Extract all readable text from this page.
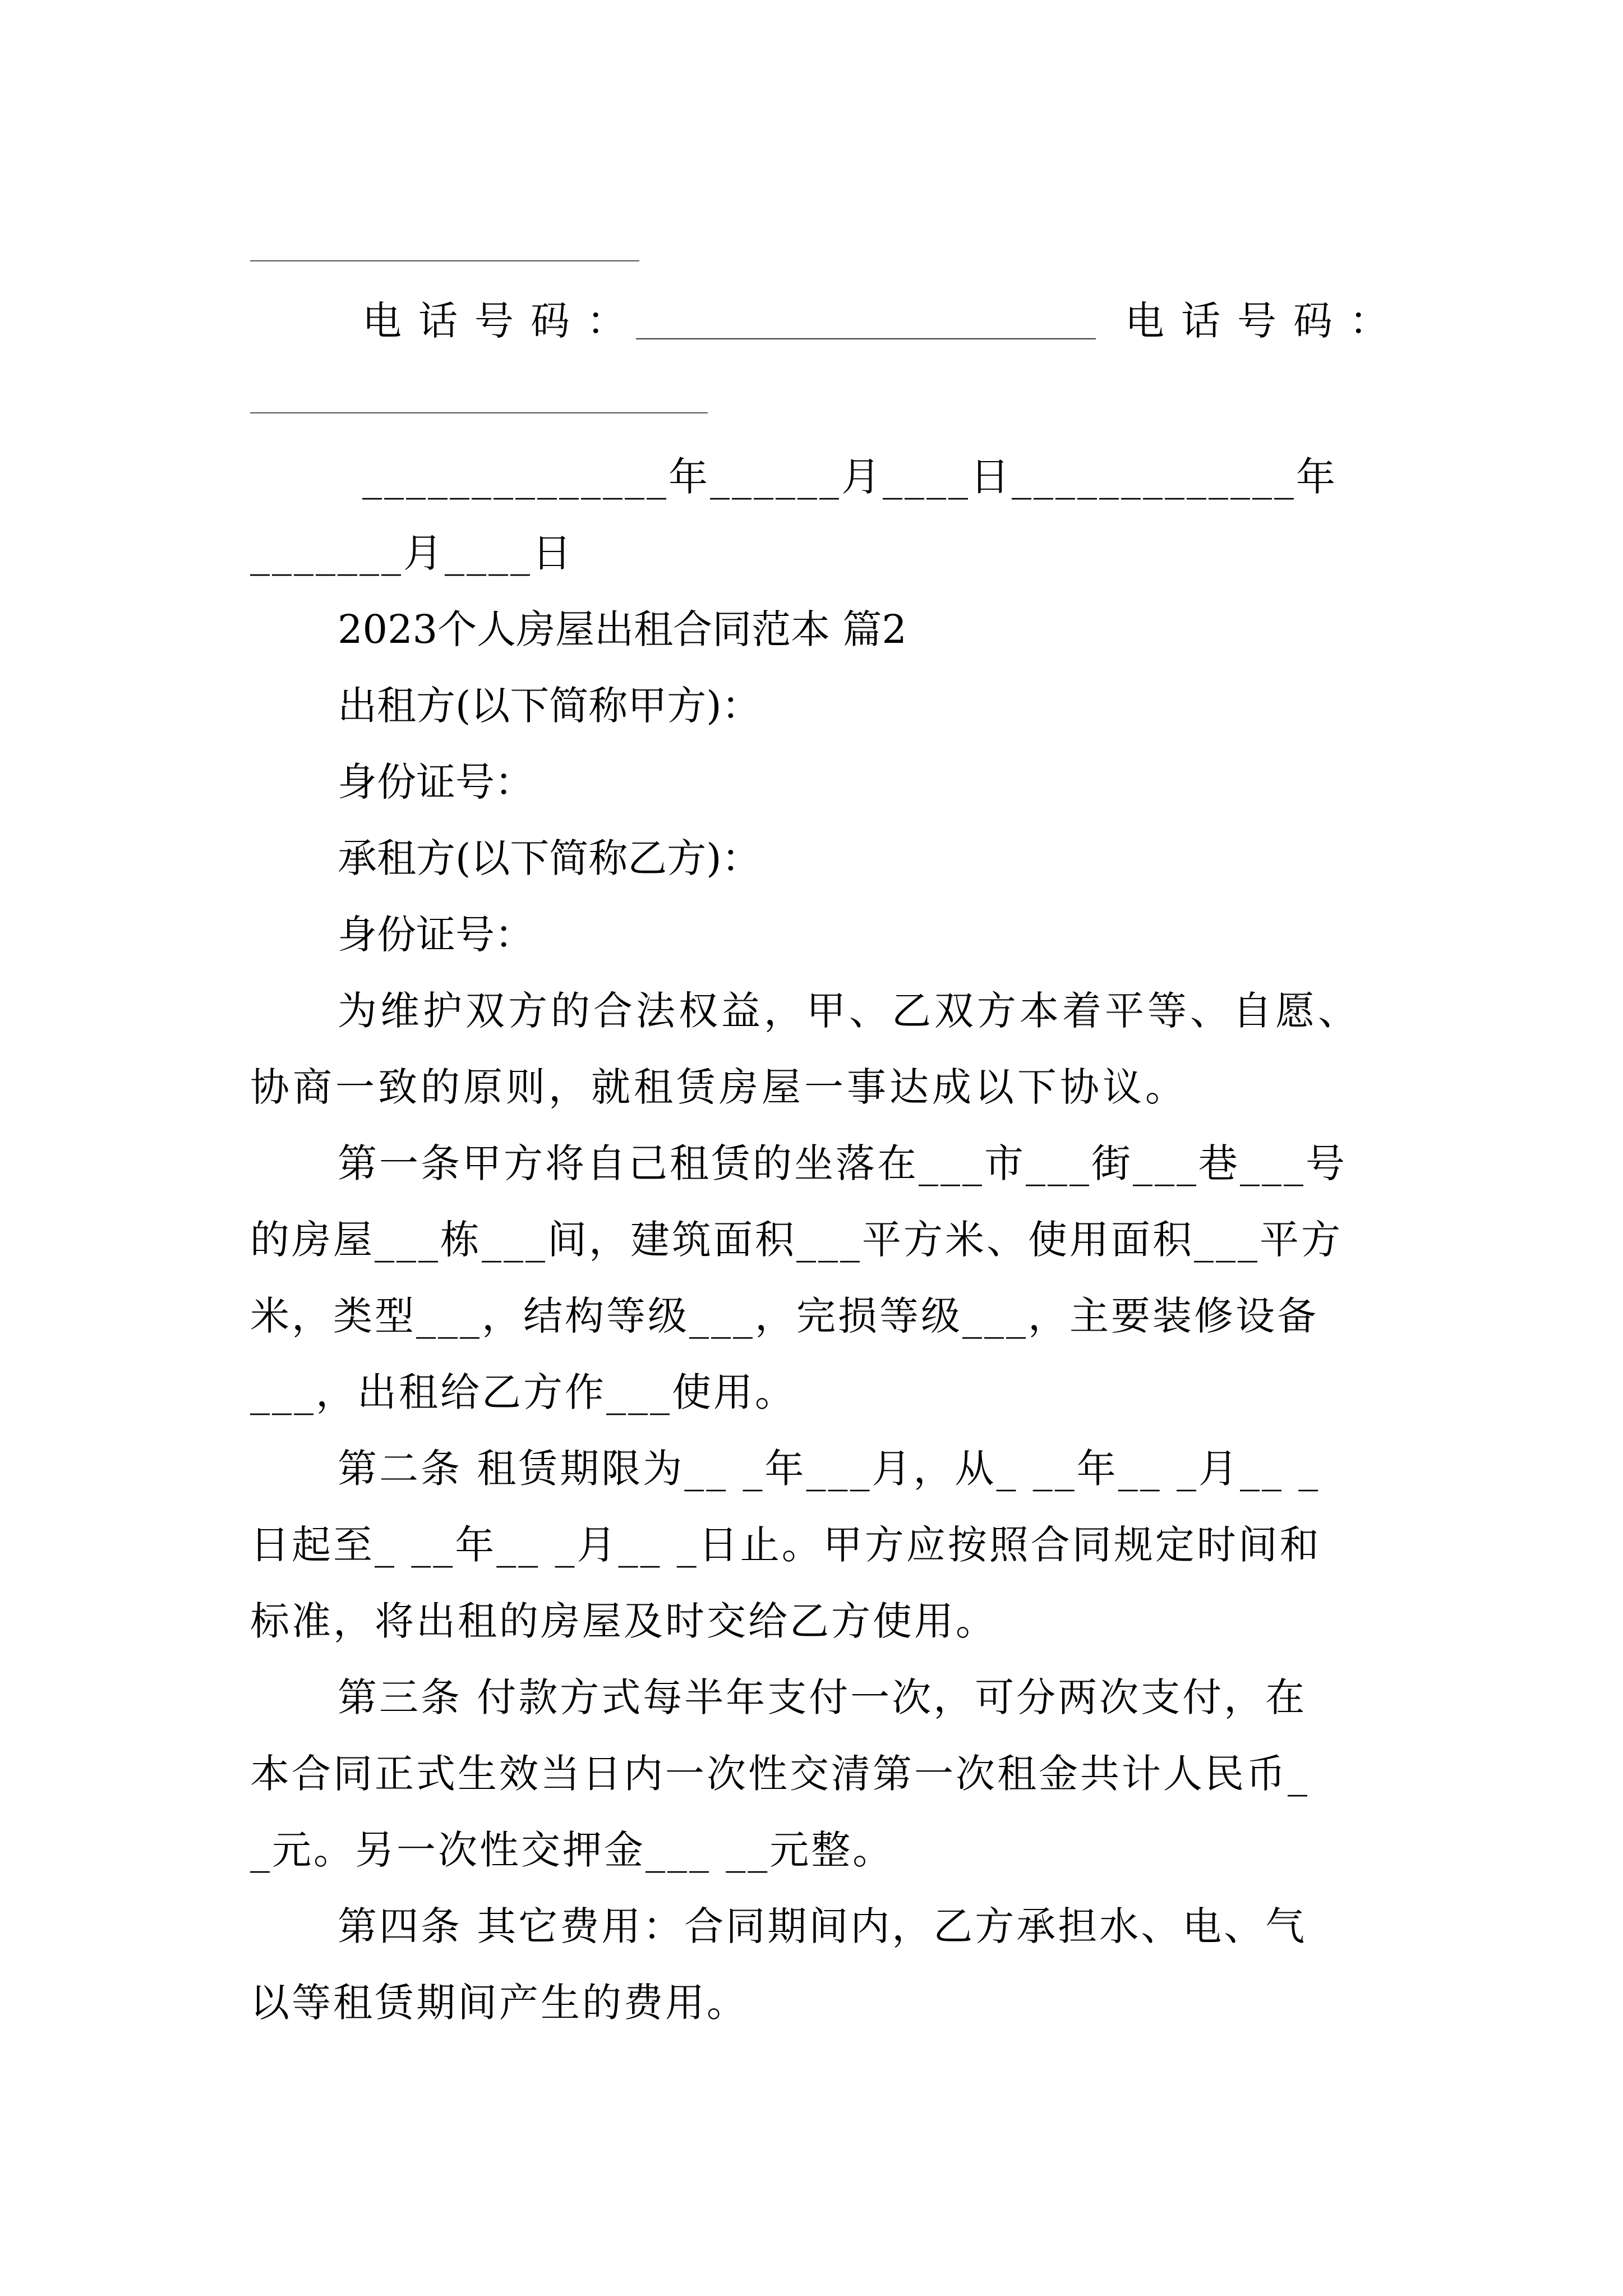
电话号码：	电话号码：
______________年______月____日_____________年
_______月____日
2023个人房屋出租合同范本 篇2
出租方(以下简称甲方)：
身份证号：
承租方(以下简称乙方)：
身份证号：
为维护双方的合法权益，甲、乙双方本着平等、自愿、
协商一致的原则，就租赁房屋一事达成以下协议。
第一条甲方将自己租赁的坐落在___市___街___巷___号
的房屋___栋___间，建筑面积___平方米、使用面积___平方
米，类型___，结构等级___，完损等级___，主要装修设备
___，出租给乙方作___使用。
第二条 租赁期限为__ _年___月，从_ __年__ _月__ _
日起至_ __年__ _月__ _日止。甲方应按照合同规定时间和
标准，将出租的房屋及时交给乙方使用。
第三条 付款方式每半年支付一次，可分两次支付，在
本合同正式生效当日内一次性交清第一次租金共计人民币_
_元。另一次性交押金___ __元整。
第四条 其它费用：合同期间内，乙方承担水、电、气
以等租赁期间产生的费用。
